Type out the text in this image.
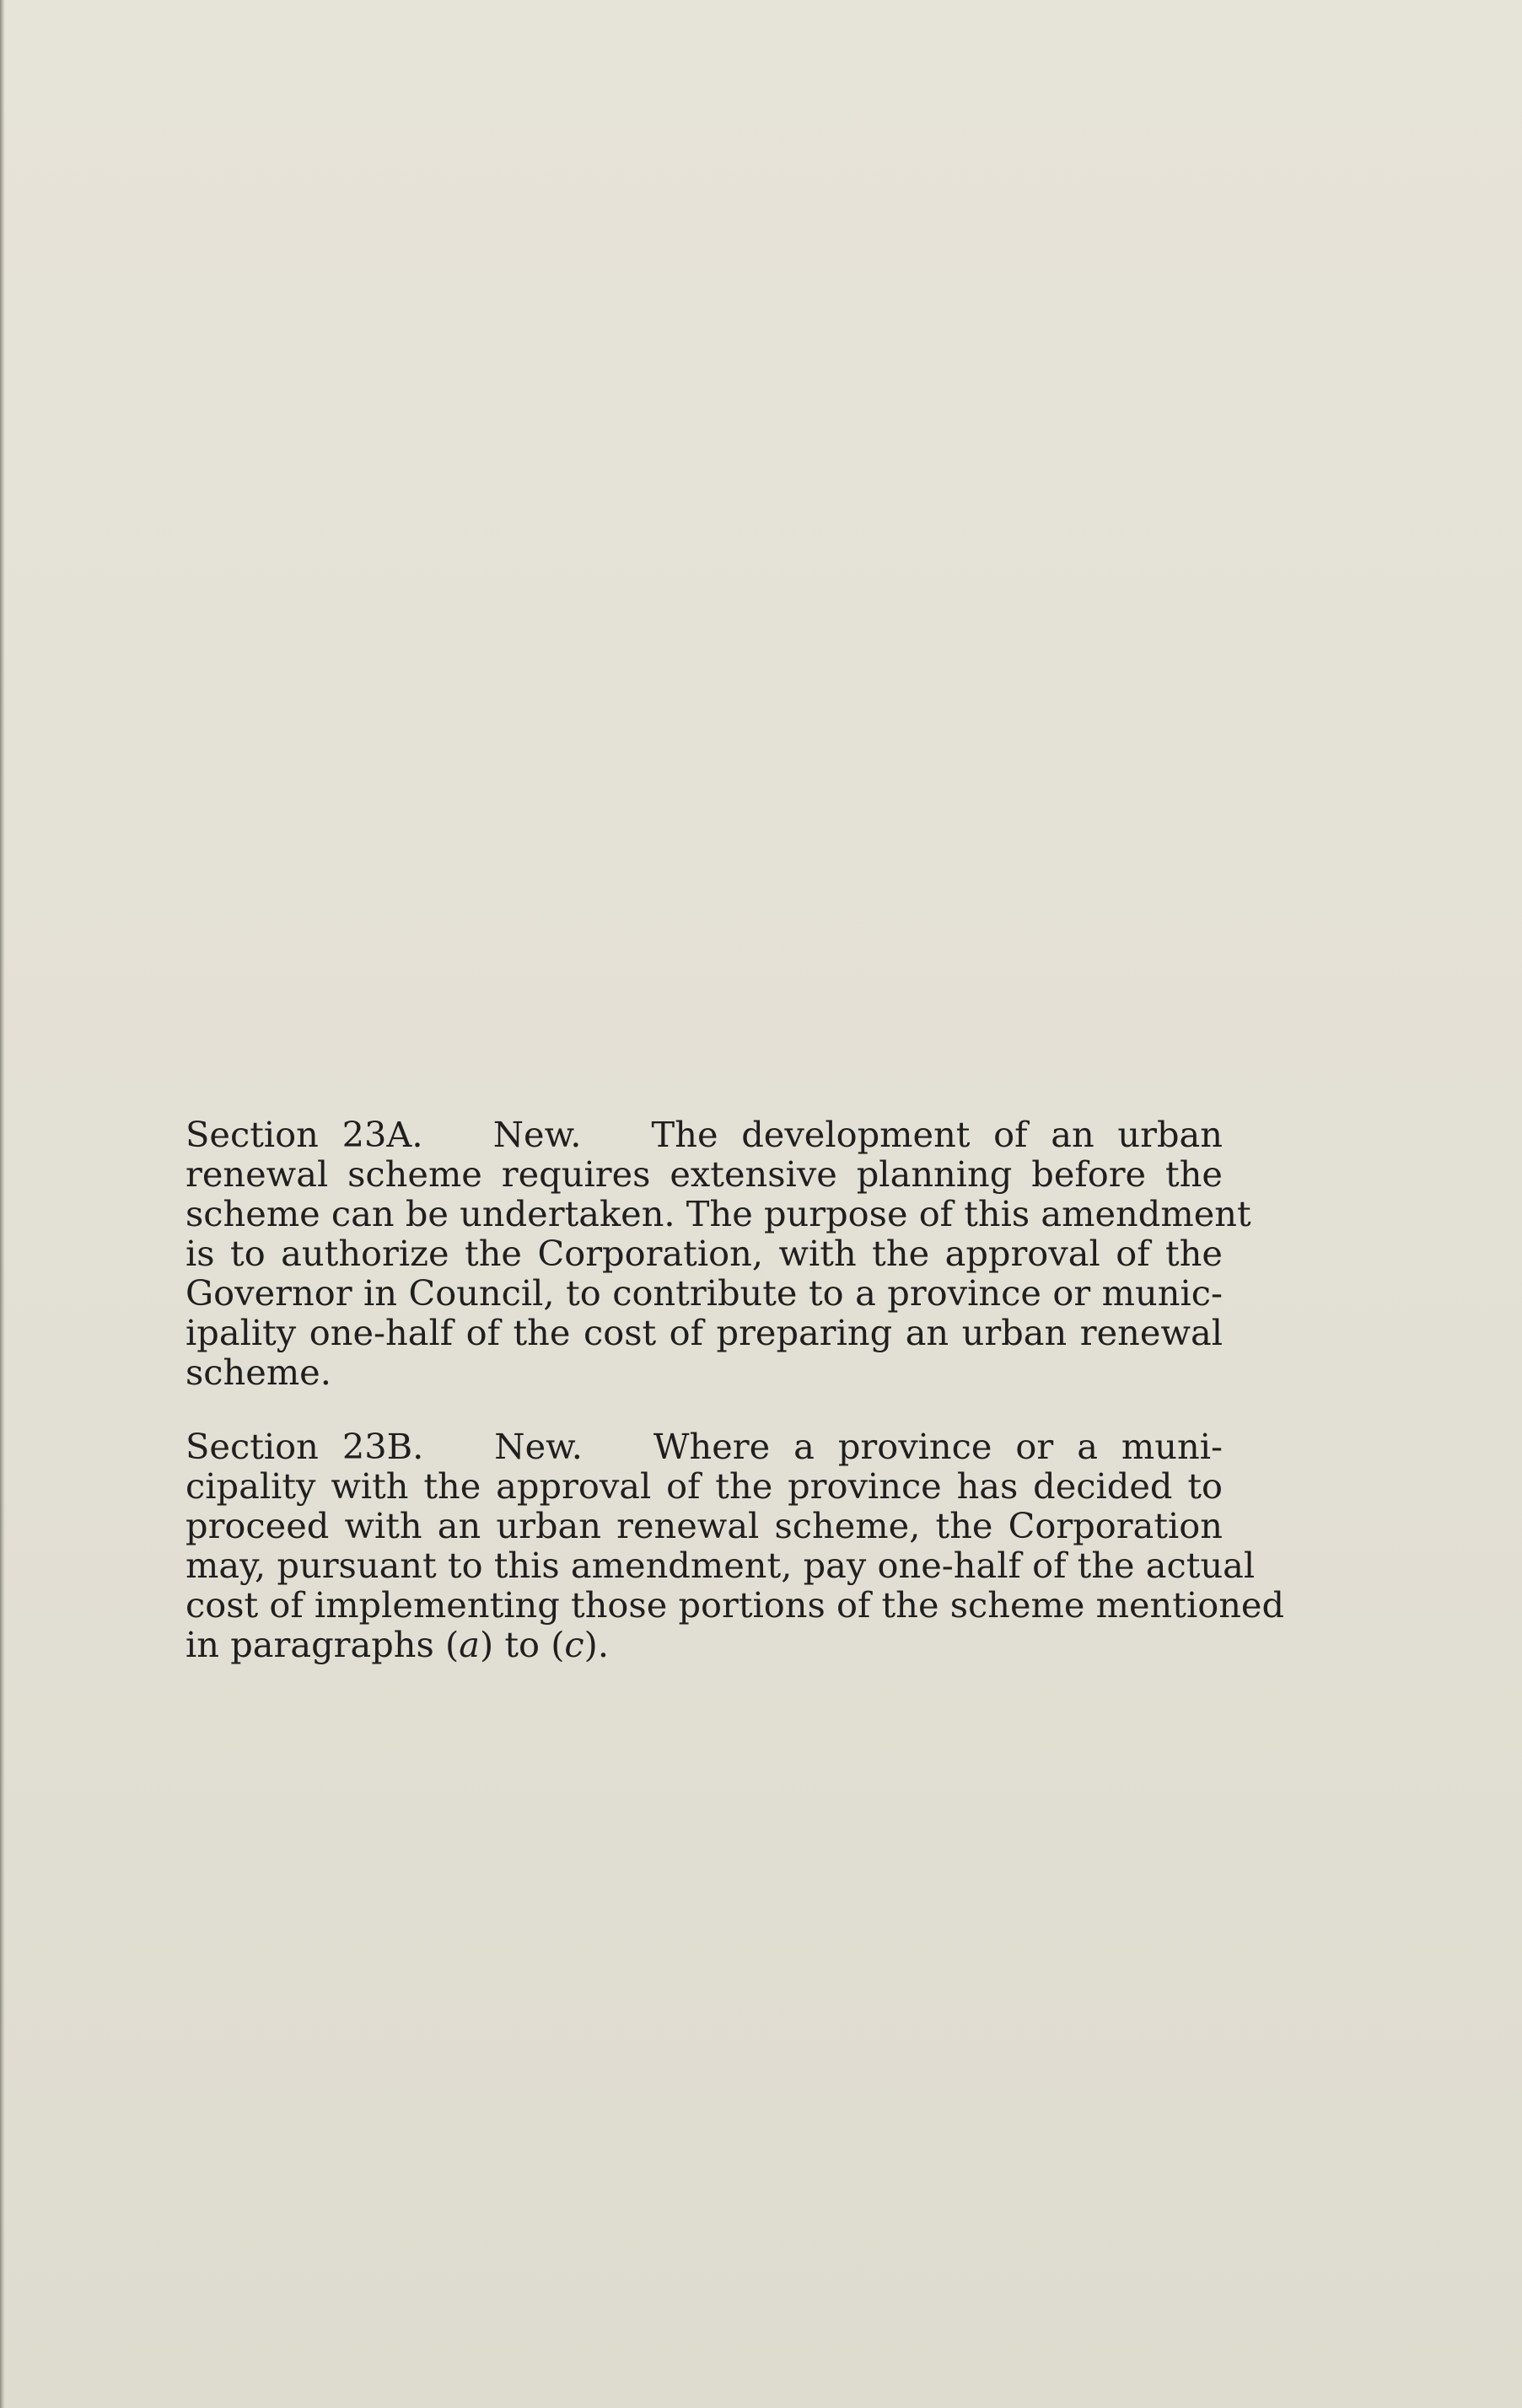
Section 23A. New. The development of an urban
renewal scheme requires extensive planning before the
scheme can be undertaken. The purpose of this amendment
is to authorize the Corporation, with the approval of the
Governor in Council, to contribute to a province or munic-
ipality one-half of the cost of preparing an urban renewal
scheme.
Section 23B. New. Where a province or a muni-
cipality with the approval of the province has decided to
proceed with an urban renewal scheme, the Corporation
may, pursuant to this amendment, pay one-half of the actual
cost of implementing those portions of the scheme mentioned
in paragraphs (a) to (c).
